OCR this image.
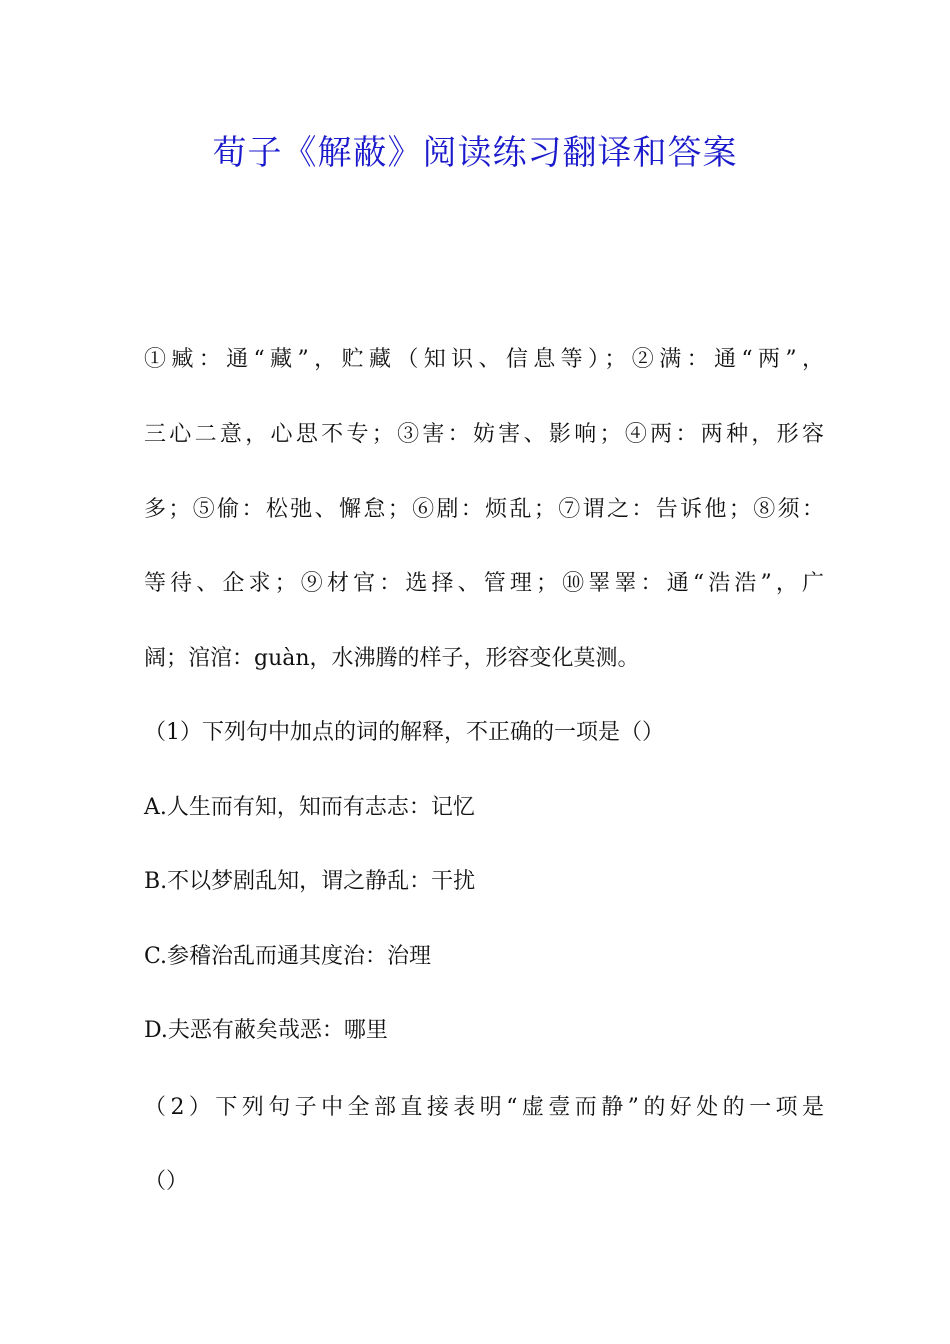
荀子《解蔽》阅读练习翻译和答案
①臧：通“藏”，贮藏（知识、信息等）；②满：通“两”，
三心二意，心思不专；③害：妨害、影响；④两：两种，形容
多；⑤偷：松弛、懈怠；⑥剧：烦乱；⑦谓之：告诉他；⑧须：
等待、企求；⑨材官：选择、管理；⑩睪睪：通“浩浩”，广
阔；涫涫：guàn，水沸腾的样子，形容变化莫测。
（1）下列句中加点的词的解释，不正确的一项是（）
A.人生而有知，知而有志志：记忆
B.不以梦剧乱知，谓之静乱：干扰
C.参稽治乱而通其度治：治理
D.夫恶有蔽矣哉恶：哪里
（2）下列句子中全部直接表明“虚壹而静”的好处的一项是
（）
